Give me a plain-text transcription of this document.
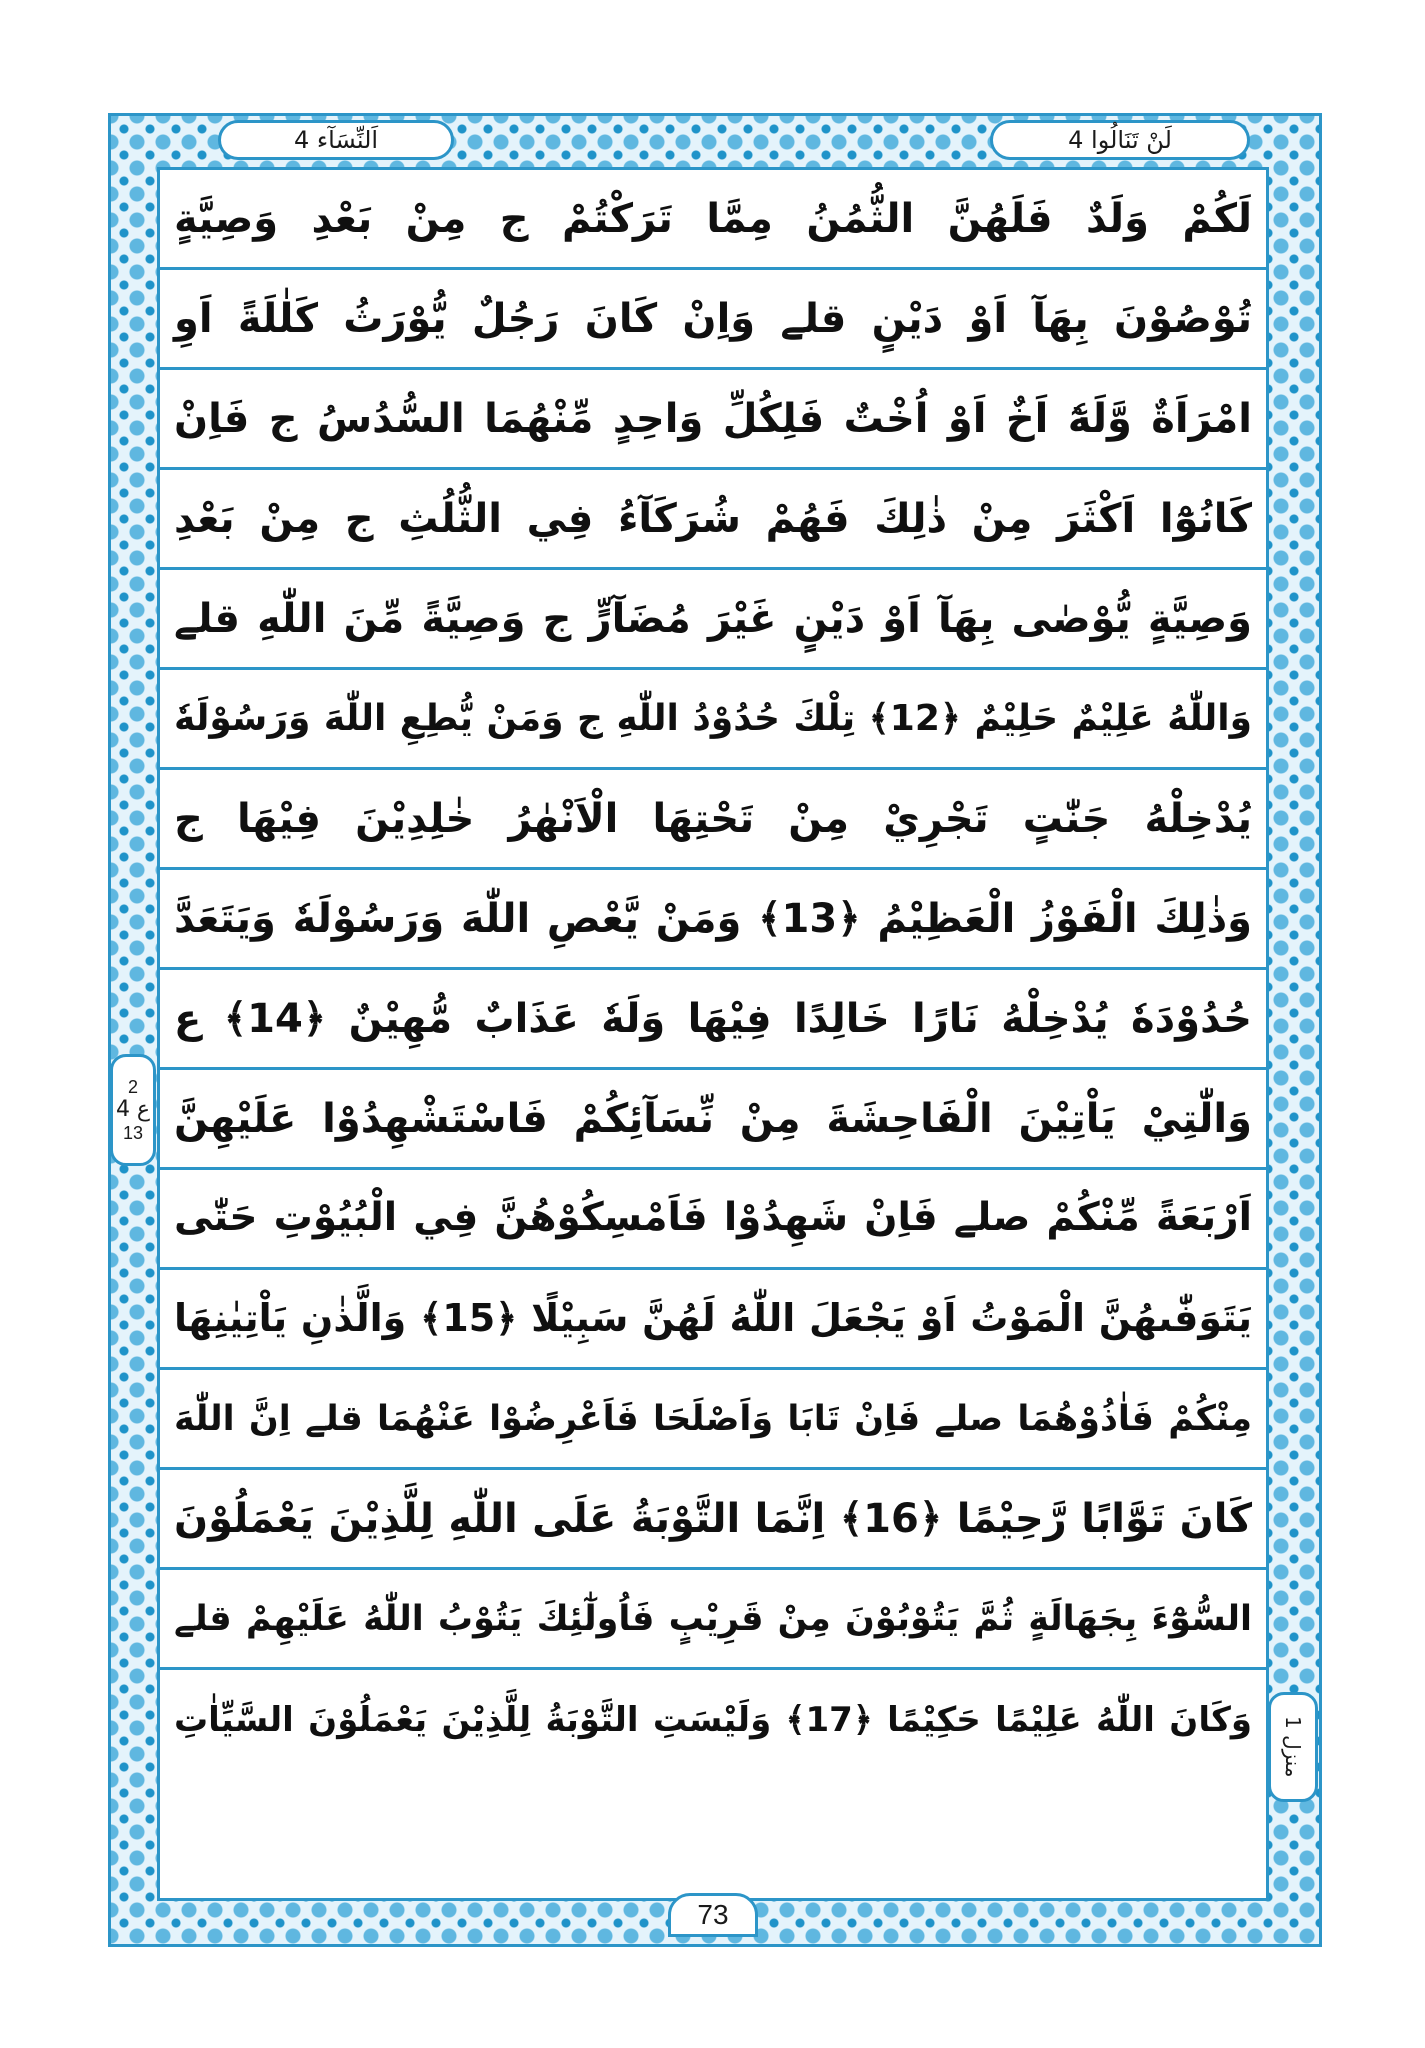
لَنْ تَنَالُوا 4
اَلنِّسَآء 4
لَكُمْ وَلَدٌ فَلَهُنَّ الثُّمُنُ مِمَّا تَرَكْتُمْ ج مِنْ بَعْدِ وَصِيَّةٍ
تُوْصُوْنَ بِهَآ اَوْ دَيْنٍ قلے وَاِنْ كَانَ رَجُلٌ يُّوْرَثُ كَلٰلَةً اَوِ
امْرَاَةٌ وَّلَهٗٓ اَخٌ اَوْ اُخْتٌ فَلِكُلِّ وَاحِدٍ مِّنْهُمَا السُّدُسُ ج فَاِنْ
كَانُوْٓا اَكْثَرَ مِنْ ذٰلِكَ فَهُمْ شُرَكَآءُ فِي الثُّلُثِ ج مِنْ بَعْدِ
وَصِيَّةٍ يُّوْصٰى بِهَآ اَوْ دَيْنٍ غَيْرَ مُضَآرٍّ ج وَصِيَّةً مِّنَ اللّٰهِ قلے
وَاللّٰهُ عَلِيْمٌ حَلِيْمٌ ﴿12﴾ تِلْكَ حُدُوْدُ اللّٰهِ ج وَمَنْ يُّطِعِ اللّٰهَ وَرَسُوْلَهٗ
يُدْخِلْهُ جَنّٰتٍ تَجْرِيْ مِنْ تَحْتِهَا الْاَنْهٰرُ خٰلِدِيْنَ فِيْهَا ج
وَذٰلِكَ الْفَوْزُ الْعَظِيْمُ ﴿13﴾ وَمَنْ يَّعْصِ اللّٰهَ وَرَسُوْلَهٗ وَيَتَعَدَّ
حُدُوْدَهٗ يُدْخِلْهُ نَارًا خَالِدًا فِيْهَا وَلَهٗ عَذَابٌ مُّهِيْنٌ ﴿14﴾ ع
وَالّٰتِيْ يَاْتِيْنَ الْفَاحِشَةَ مِنْ نِّسَآئِكُمْ فَاسْتَشْهِدُوْا عَلَيْهِنَّ
اَرْبَعَةً مِّنْكُمْ صلے فَاِنْ شَهِدُوْا فَاَمْسِكُوْهُنَّ فِي الْبُيُوْتِ حَتّٰى
يَتَوَفّٰىهُنَّ الْمَوْتُ اَوْ يَجْعَلَ اللّٰهُ لَهُنَّ سَبِيْلًا ﴿15﴾ وَالَّذٰنِ يَاْتِيٰنِهَا
مِنْكُمْ فَاٰذُوْهُمَا صلے فَاِنْ تَابَا وَاَصْلَحَا فَاَعْرِضُوْا عَنْهُمَا قلے اِنَّ اللّٰهَ
كَانَ تَوَّابًا رَّحِيْمًا ﴿16﴾ اِنَّمَا التَّوْبَةُ عَلَى اللّٰهِ لِلَّذِيْنَ يَعْمَلُوْنَ
السُّوْٓءَ بِجَهَالَةٍ ثُمَّ يَتُوْبُوْنَ مِنْ قَرِيْبٍ فَاُولٰٓئِكَ يَتُوْبُ اللّٰهُ عَلَيْهِمْ قلے
وَكَانَ اللّٰهُ عَلِيْمًا حَكِيْمًا ﴿17﴾ وَلَيْسَتِ التَّوْبَةُ لِلَّذِيْنَ يَعْمَلُوْنَ السَّيِّاٰتِ
2
ع 4
13
منزل 1
73
